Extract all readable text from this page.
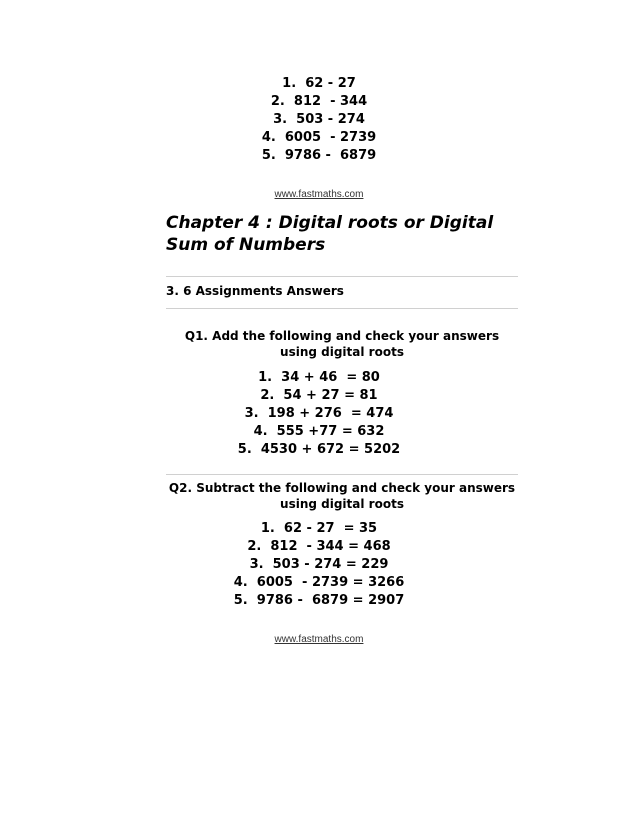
1.  62 - 27
2.  812  - 344
3.  503 - 274
4.  6005  - 2739
5.  9786 -  6879
www.fastmaths.com
Chapter 4 : Digital roots or Digital Sum of Numbers
3. 6 Assignments Answers
Q1. Add the following and check your answers using digital roots
1.  34 + 46  = 80
2.  54 + 27 = 81
3.  198 + 276  = 474
4.  555 +77 = 632
5.  4530 + 672 = 5202
Q2. Subtract the following and check your answers using digital roots
1.  62 - 27  = 35
2.  812  - 344 = 468
3.  503 - 274 = 229
4.  6005  - 2739 = 3266
5.  9786 -  6879 = 2907
www.fastmaths.com
